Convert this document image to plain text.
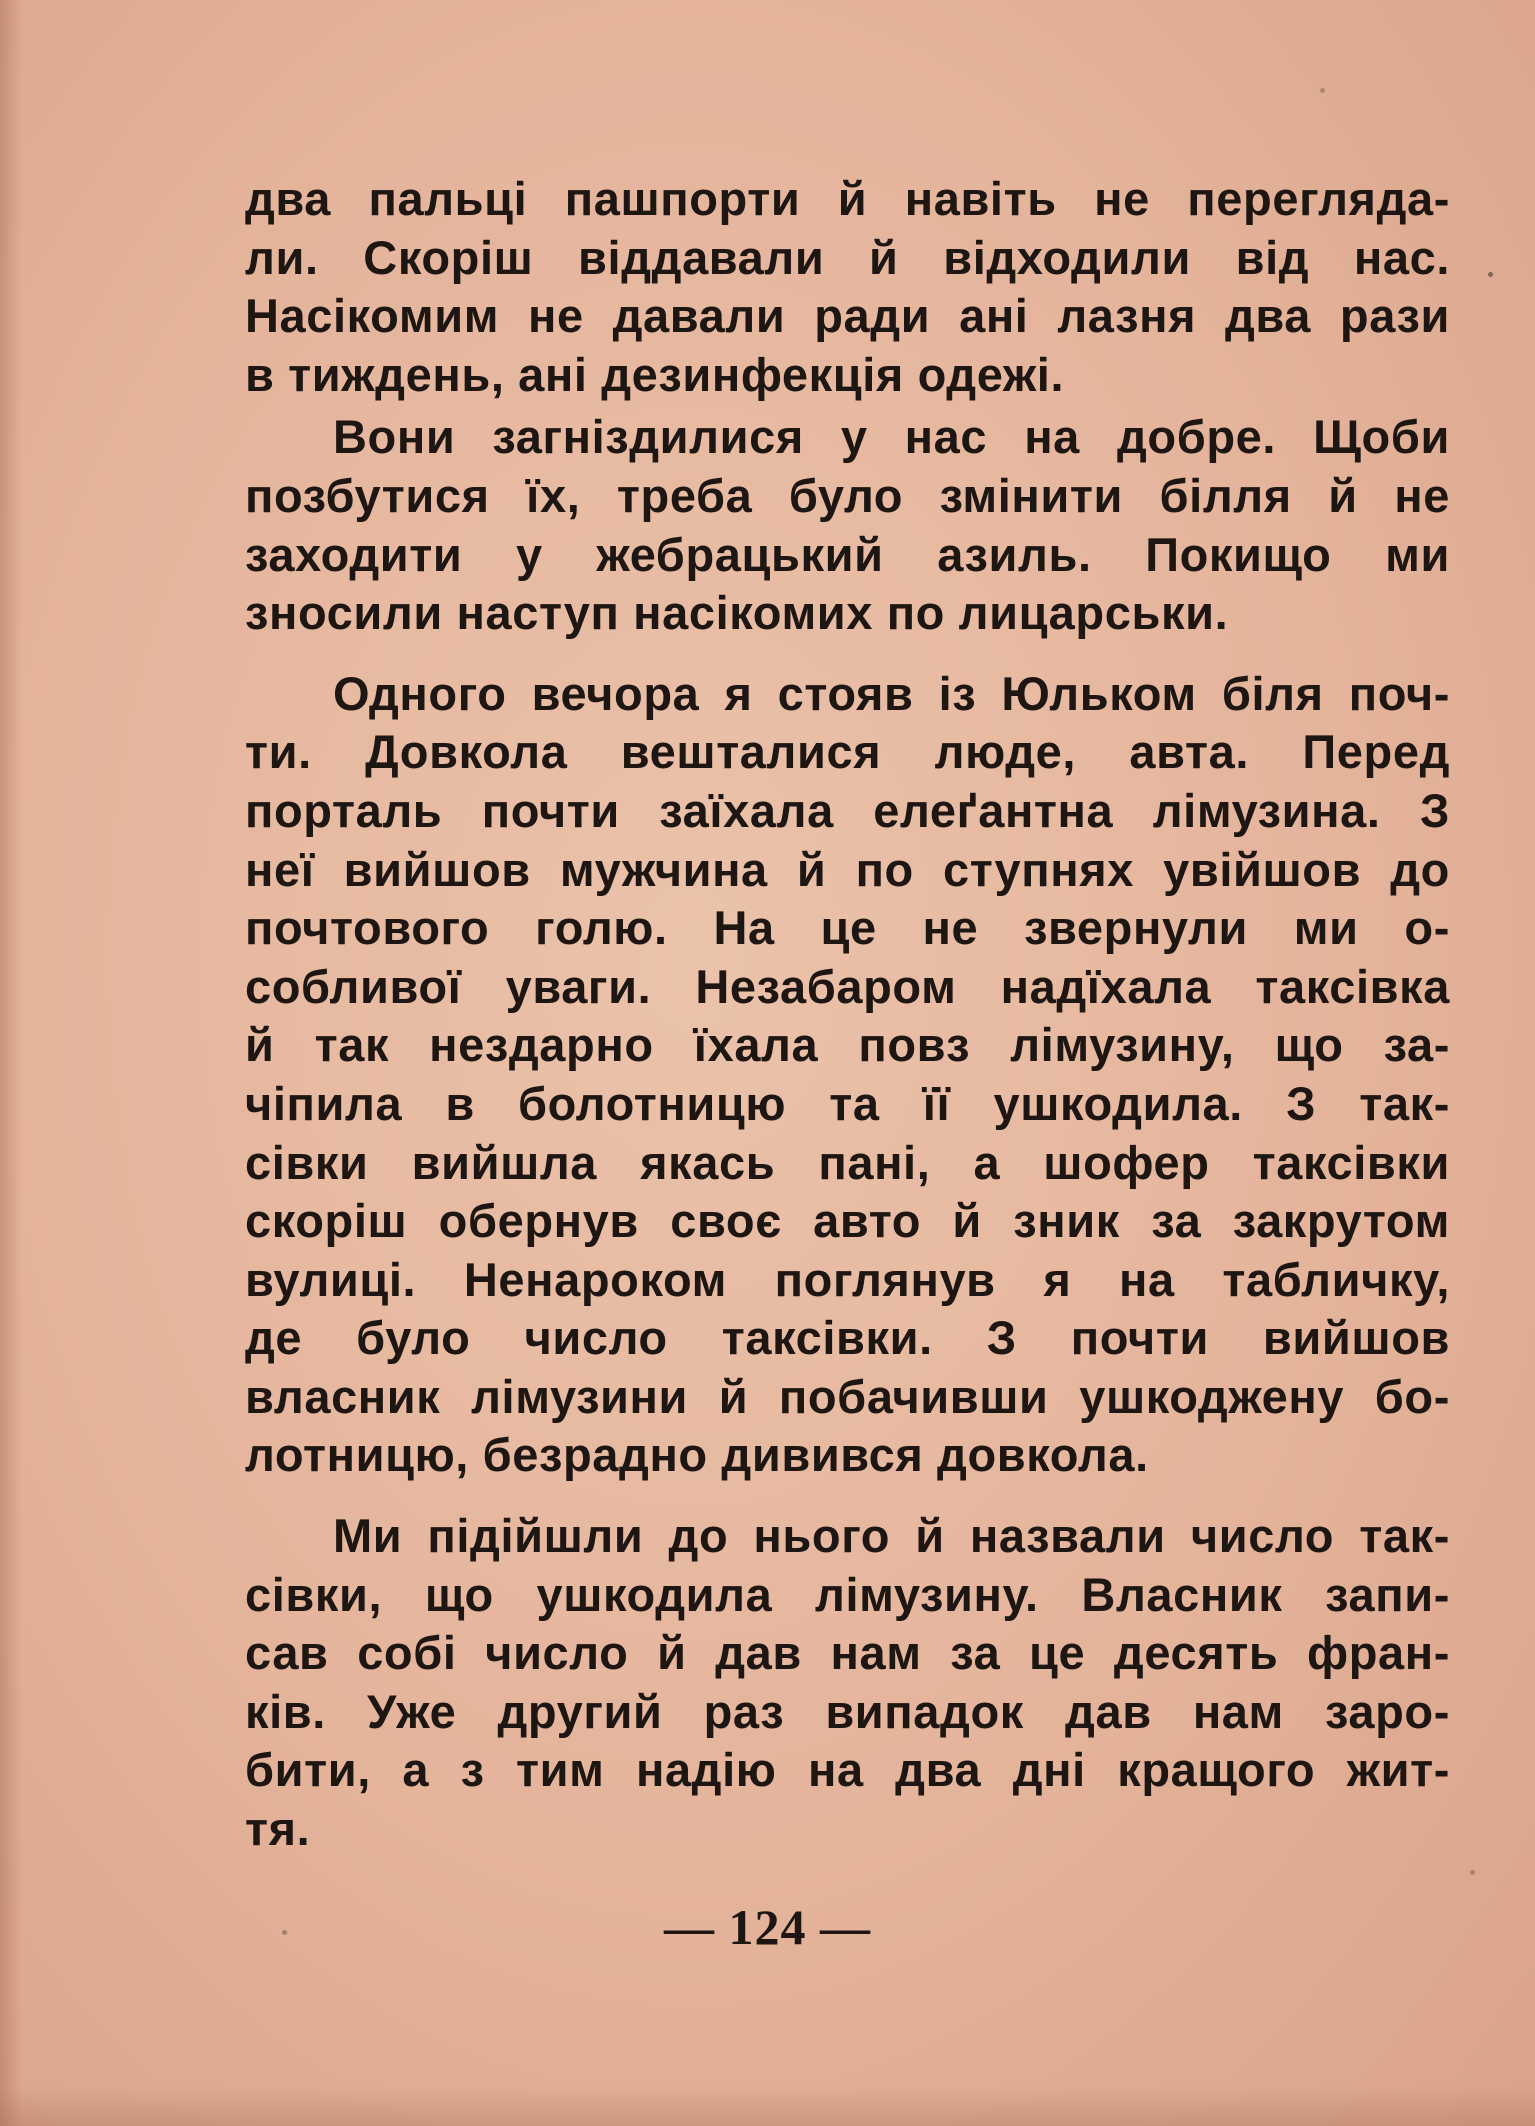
два пальці пашпорти й навіть не переглядa-
ли. Скоріш віддавали й відходили від нас.
Насікомим не давали ради ані лазня два рази
в тиждень, ані дезинфекція одежі.
Вони загніздилися у нас на добре. Щоби
позбутися їх, треба було змінити білля й не
заходити у жебрацький азиль. Покищо ми
зносили наступ насікомих по лицарськи.
Одного вечора я стояв із Юльком біля поч-
ти. Довкола вешталися люде, авта. Перед
порталь почти заїхала елеґантна лімузина. З
неї вийшов мужчина й по ступнях увійшов до
почтового голю. На це не звернули ми о-
собливої уваги. Незабаром надїхала таксівка
й так нездарно їхала повз лімузину, що за-
чіпила в болотницю та її ушкодила. З так-
сівки вийшла якась пані, а шофер таксівки
скоріш обернув своє авто й зник за закрутом
вулиці. Ненароком поглянув я на табличку,
де було число таксівки. З почти вийшов
власник лімузини й побачивши ушкоджену бо-
лотницю, безрадно дивився довкола.
Ми підійшли до нього й назвали число так-
сівки, що ушкодила лімузину. Власник запи-
сав собі число й дав нам за це десять фран-
ків. Уже другий раз випадок дав нам заро-
бити, а з тим надію на два дні кращого жит-
тя.
— 124 —
